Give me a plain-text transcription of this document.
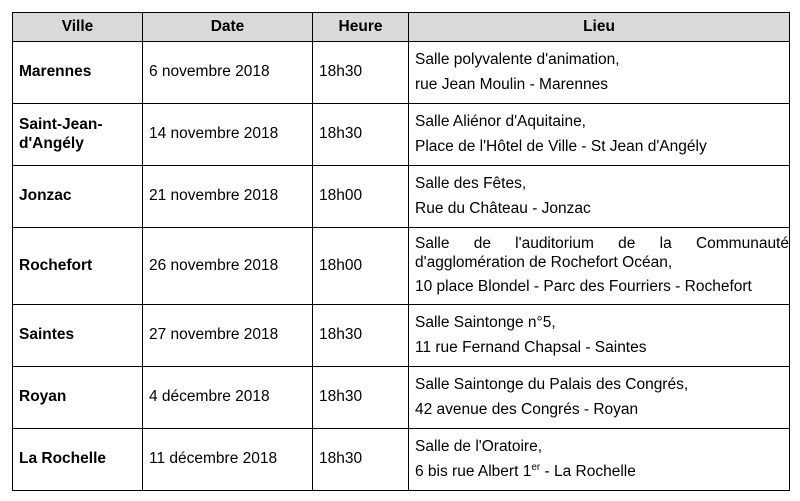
Ville	Date	Heure	Lieu
Marennes	6 novembre 2018	18h30	Salle polyvalente d'animation,
rue Jean Moulin - Marennes

Saint-Jean-
d'Angély	14 novembre 2018	18h30	Salle Aliénor d'Aquitaine,
Place de l'Hôtel de Ville - St Jean d'Angély

Jonzac	21 novembre 2018	18h00	Salle des Fêtes,
Rue du Château - Jonzac

Rochefort	26 novembre 2018	18h00	Salle de l'auditorium de la Communauté
d'agglomération de Rochefort Océan,
10 place Blondel - Parc des Fourriers - Rochefort

Saintes	27 novembre 2018	18h30	Salle Saintonge n°5,
11 rue Fernand Chapsal - Saintes

Royan	4 décembre 2018	18h30	Salle Saintonge du Palais des Congrés,
42 avenue des Congrés - Royan

La Rochelle	11 décembre 2018	18h30	Salle de l'Oratoire,
6 bis rue Albert 1er - La Rochelle
